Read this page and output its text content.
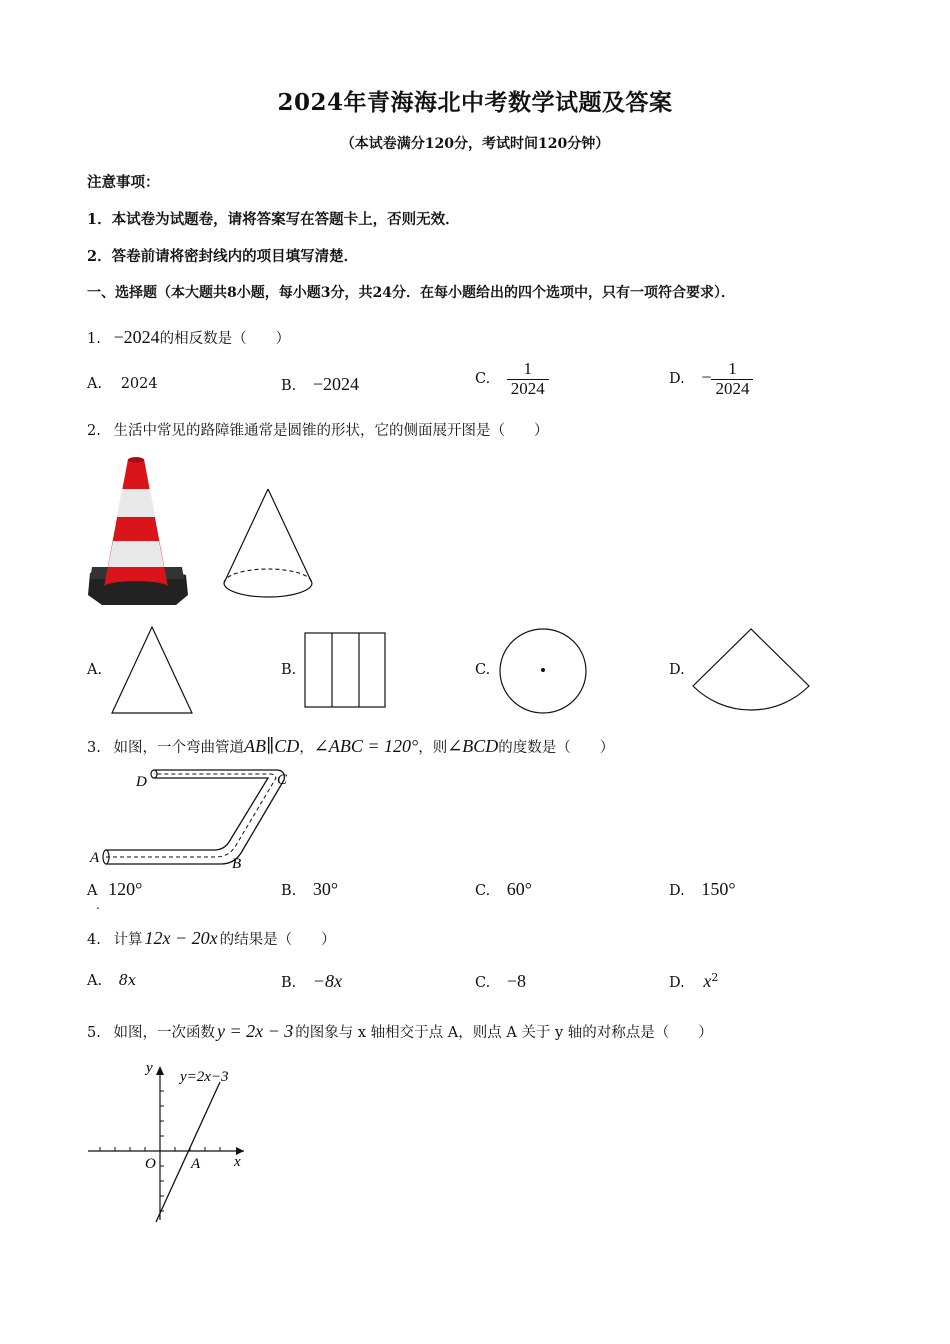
2024年青海海北中考数学试题及答案
（本试卷满分120分，考试时间120分钟）
注意事项：
1．本试卷为试题卷，请将答案写在答题卡上，否则无效．
2．答卷前请将密封线内的项目填写清楚．
一、选择题（本大题共8小题，每小题3分，共24分．在每小题给出的四个选项中，只有一项符合要求）．
1. −2024的相反数是（　　）
A. 2024	B. −2024	C. $\frac{1}{2024}$	D. − $\frac{1}{2024}$
2. 生活中常见的路障锥通常是圆锥的形状，它的侧面展开图是（　　）
A.	B.	C.	D.
3. 如图，一个弯曲管道AB∥CD，∠ABC = 120°，则∠BCD的度数是（　　）
A	B
C
D
A 120°
.
B. 30°	C. 60°	D. 150°
4. 计算 12x − 20x 的结果是（　　）
A. 8x	B. −8x	C. −8	D. $x^2$
5. 如图，一次函数 y = 2x − 3 的图象与 x 轴相交于点 A，则点 A 关于 y 轴的对称点是（　　）
y
x
O A
y=2x−3
